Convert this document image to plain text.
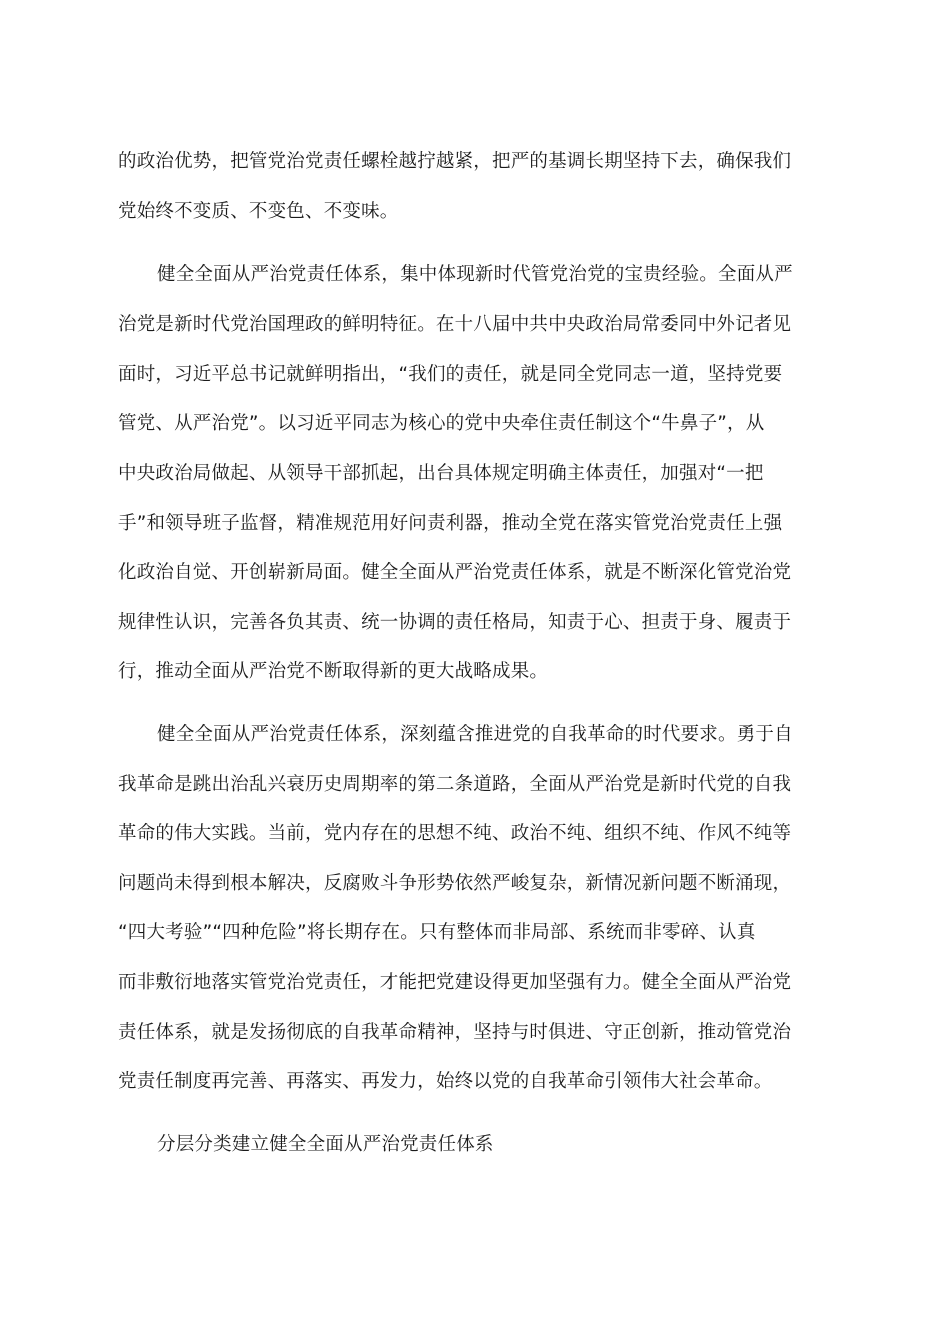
的政治优势，把管党治党责任螺栓越拧越紧，把严的基调长期坚持下去，确保我们
党始终不变质、不变色、不变味。
健全全面从严治党责任体系，集中体现新时代管党治党的宝贵经验。全面从严
治党是新时代党治国理政的鲜明特征。在十八届中共中央政治局常委同中外记者见
面时，习近平总书记就鲜明指出，“我们的责任，就是同全党同志一道，坚持党要
管党、从严治党”。以习近平同志为核心的党中央牵住责任制这个“牛鼻子”，从
中央政治局做起、从领导干部抓起，出台具体规定明确主体责任，加强对“一把
手”和领导班子监督，精准规范用好问责利器，推动全党在落实管党治党责任上强
化政治自觉、开创崭新局面。健全全面从严治党责任体系，就是不断深化管党治党
规律性认识，完善各负其责、统一协调的责任格局，知责于心、担责于身、履责于
行，推动全面从严治党不断取得新的更大战略成果。
健全全面从严治党责任体系，深刻蕴含推进党的自我革命的时代要求。勇于自
我革命是跳出治乱兴衰历史周期率的第二条道路，全面从严治党是新时代党的自我
革命的伟大实践。当前，党内存在的思想不纯、政治不纯、组织不纯、作风不纯等
问题尚未得到根本解决，反腐败斗争形势依然严峻复杂，新情况新问题不断涌现，
“四大考验”“四种危险”将长期存在。只有整体而非局部、系统而非零碎、认真
而非敷衍地落实管党治党责任，才能把党建设得更加坚强有力。健全全面从严治党
责任体系，就是发扬彻底的自我革命精神，坚持与时俱进、守正创新，推动管党治
党责任制度再完善、再落实、再发力，始终以党的自我革命引领伟大社会革命。
分层分类建立健全全面从严治党责任体系
